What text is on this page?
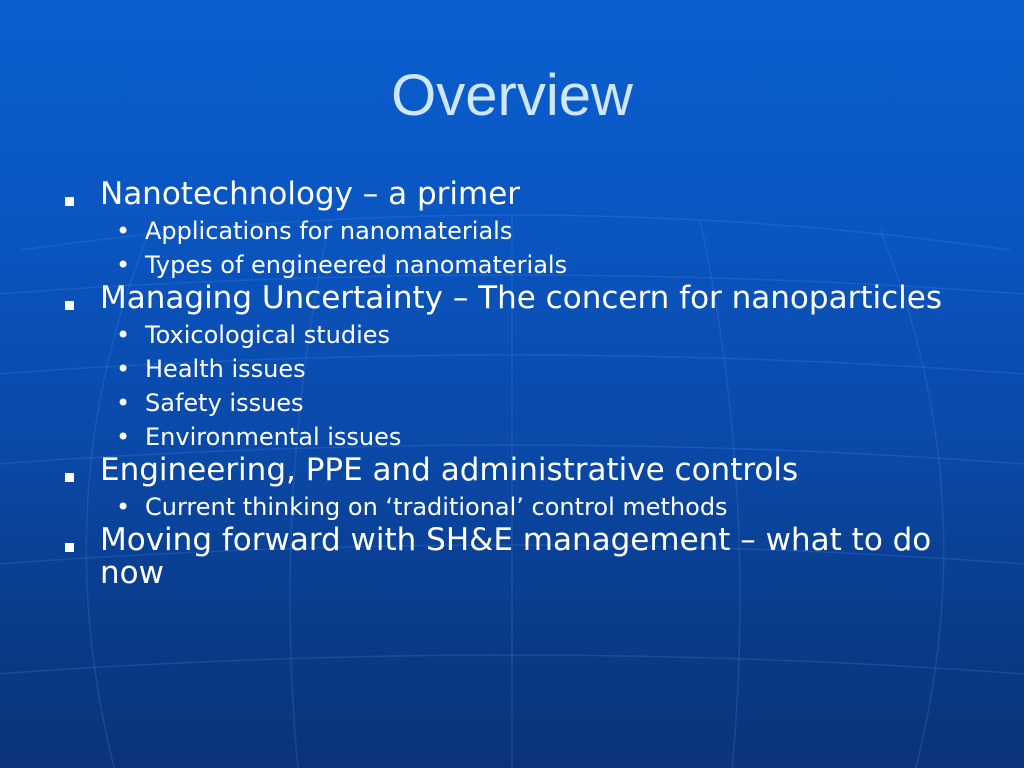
Overview
Nanotechnology – a primer
• Applications for nanomaterials
• Types of engineered nanomaterials
Managing Uncertainty – The concern for nanoparticles
• Toxicological studies
• Health issues
• Safety issues
• Environmental issues
Engineering, PPE and administrative controls
• Current thinking on ‘traditional’ control methods
Moving forward with SH&E management – what to do now
